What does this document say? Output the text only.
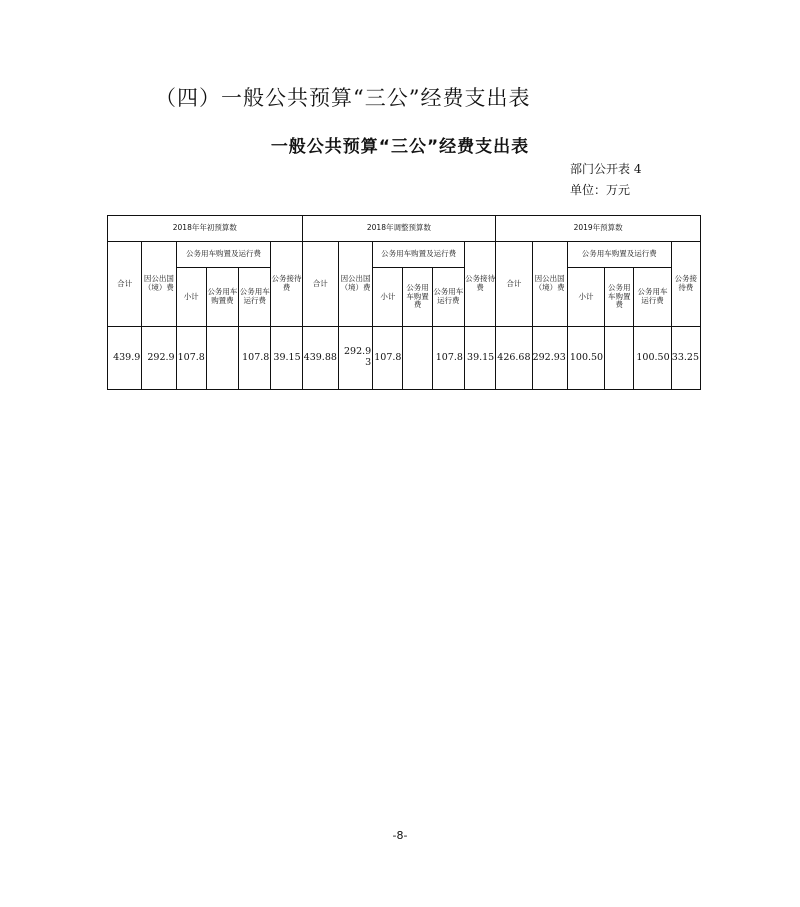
（四）一般公共预算“三公”经费支出表
一般公共预算“三公”经费支出表
部门公开表 4
单位：万元
2018年年初预算数						2018年调整预算数						2019年预算数					
合计	因公出国（境）费	公务用车购置及运行费			公务接待费	合计	因公出国（境）费	公务用车购置及运行费			公务接待费	合计	因公出国（境）费	公务用车购置及运行费			公务接待费
		小计	公务用车购置费	公务用车运行费				小计	公务用车购置费	公务用车运行费				小计	公务用车购置费	公务用车运行费	
439.9	292.9	107.8		107.8	39.15	439.88	292.93	107.8		107.8	39.15	426.68	292.93	100.50		100.50	33.25
-8-
